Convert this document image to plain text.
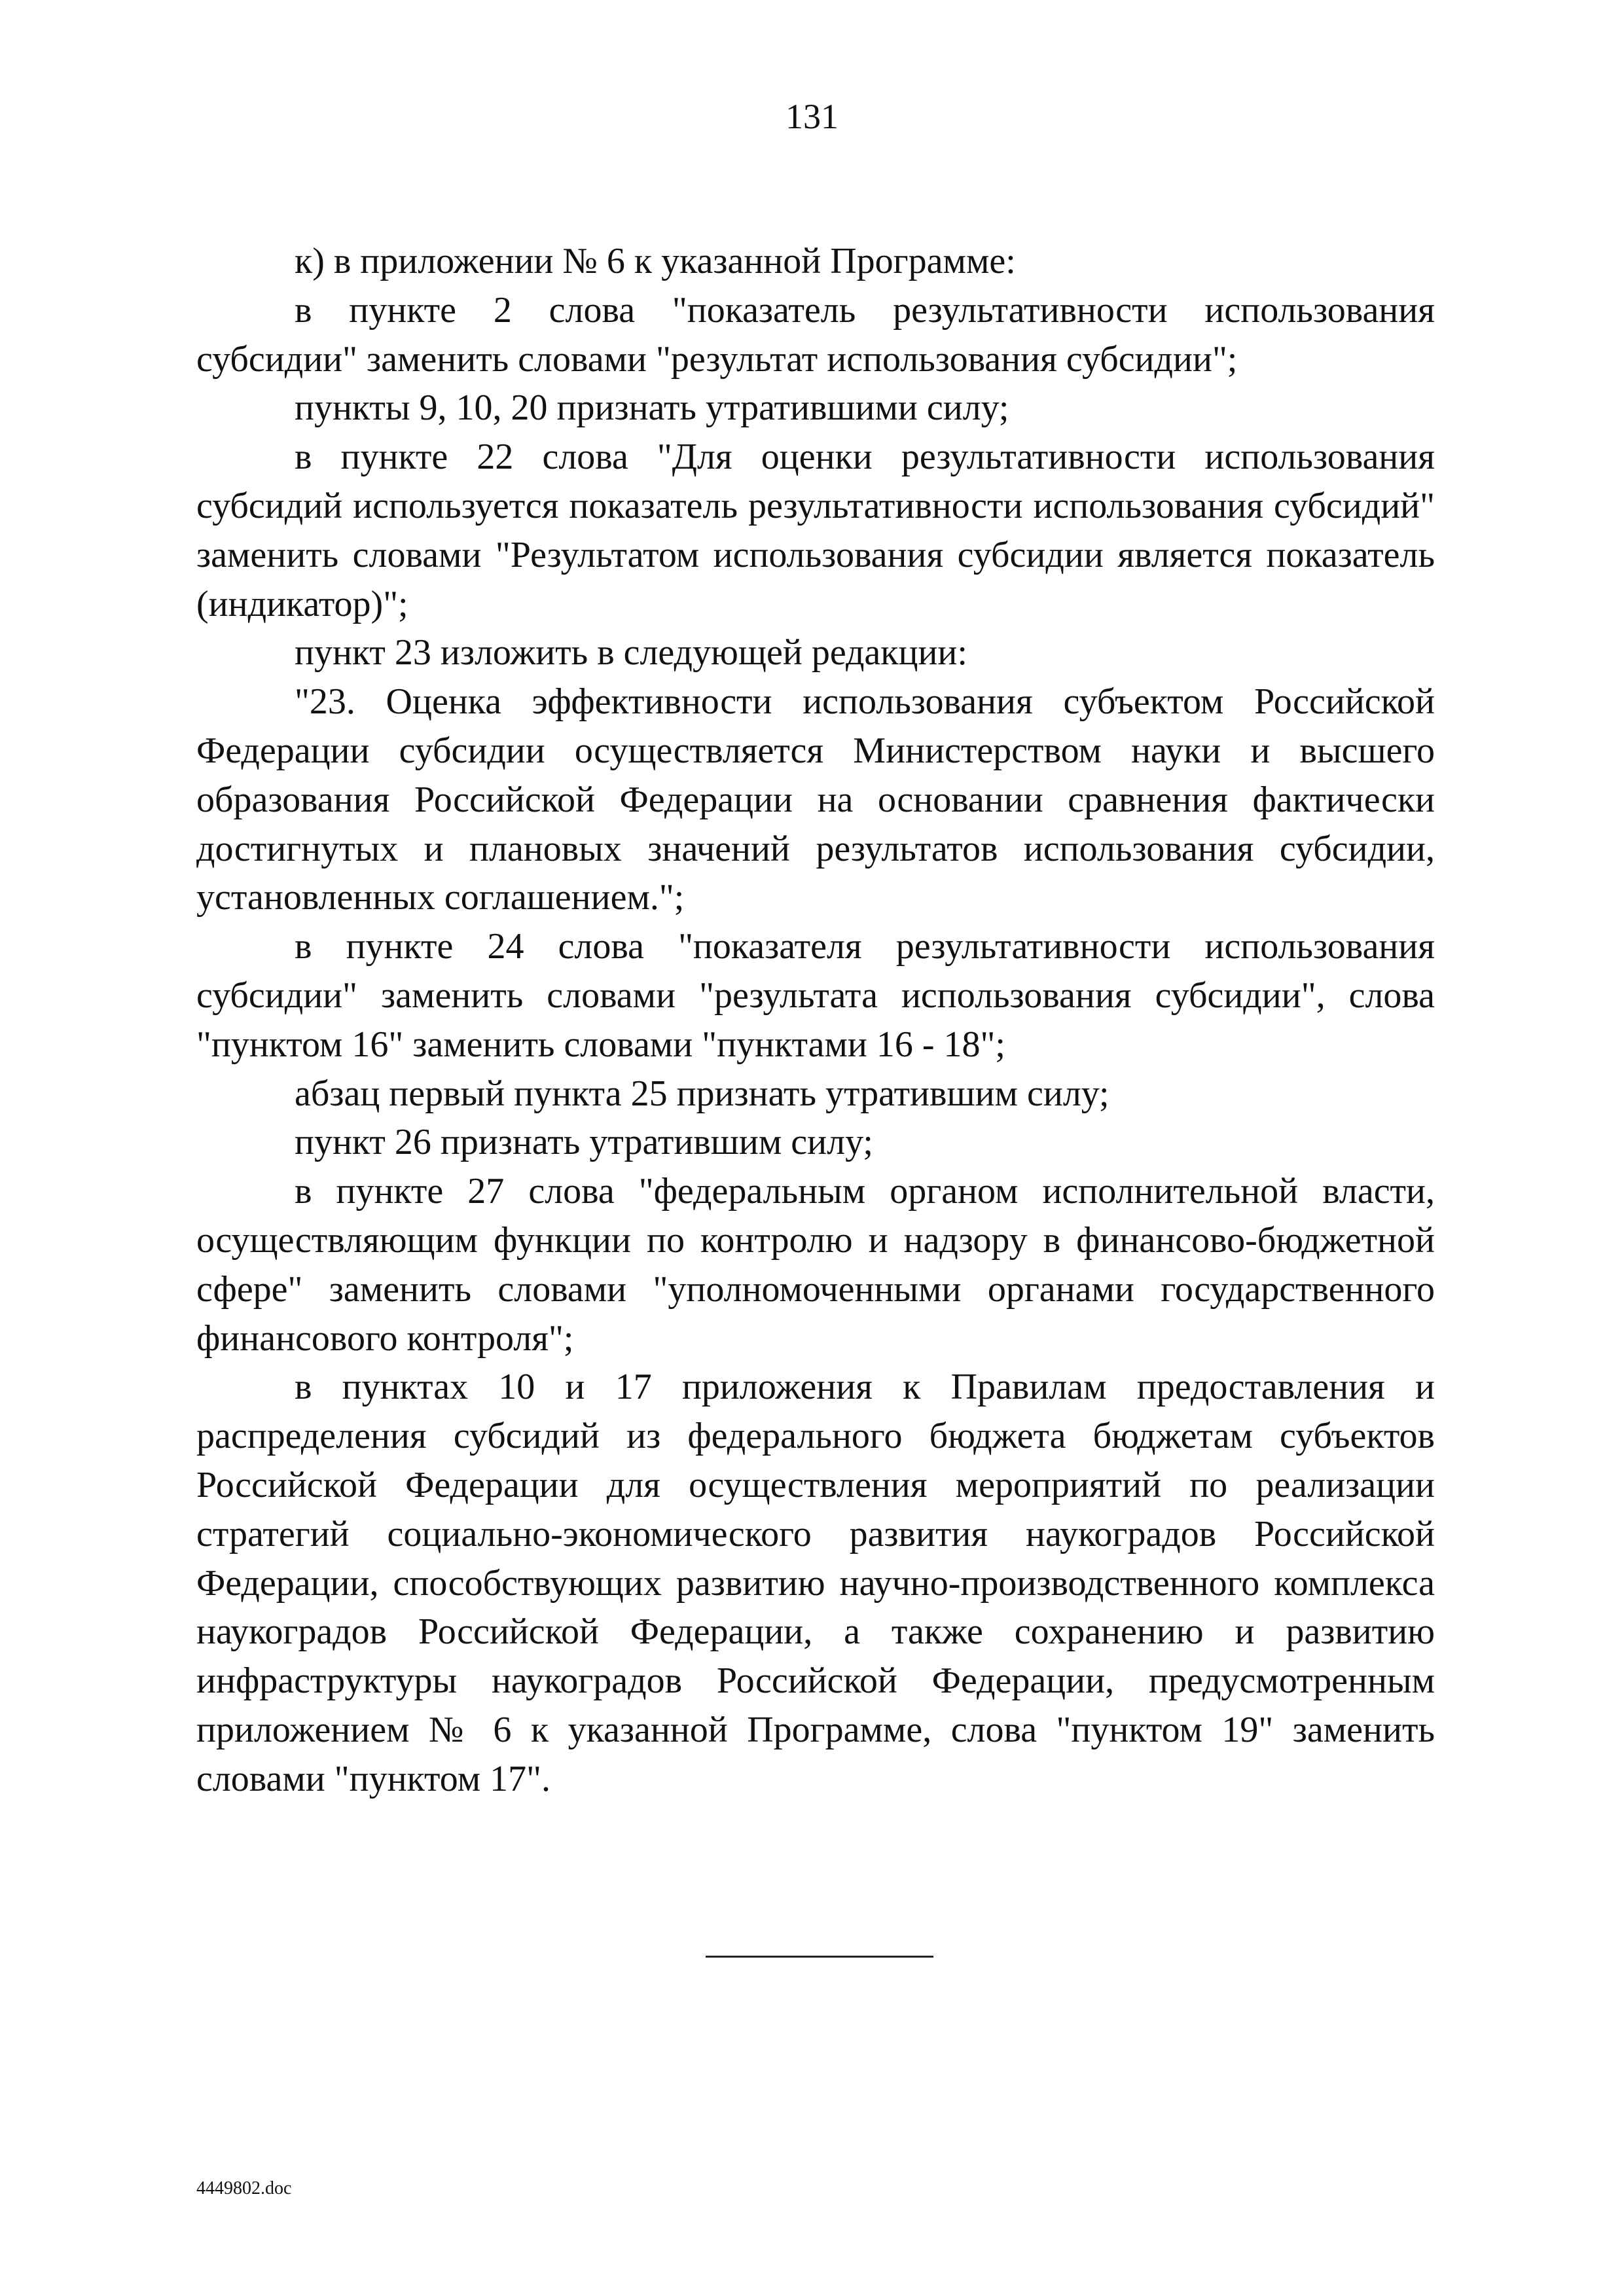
131

к) в приложении № 6 к указанной Программе:

в пункте 2 слова "показатель результативности использования субсидии" заменить словами "результат использования субсидии";

пункты 9, 10, 20 признать утратившими силу;

в пункте 22 слова "Для оценки результативности использования субсидий используется показатель результативности использования субсидий" заменить словами "Результатом использования субсидии является показатель (индикатор)";

пункт 23 изложить в следующей редакции:

"23. Оценка эффективности использования субъектом Российской Федерации субсидии осуществляется Министерством науки и высшего образования Российской Федерации на основании сравнения фактически достигнутых и плановых значений результатов использования субсидии, установленных соглашением.";

в пункте 24 слова "показателя результативности использования субсидии" заменить словами "результата использования субсидии", слова "пунктом 16" заменить словами "пунктами 16 - 18";

абзац первый пункта 25 признать утратившим силу;

пункт 26 признать утратившим силу;

в пункте 27 слова "федеральным органом исполнительной власти, осуществляющим функции по контролю и надзору в финансово-бюджетной сфере" заменить словами "уполномоченными органами государственного финансового контроля";

в пунктах 10 и 17 приложения к Правилам предоставления и распределения субсидий из федерального бюджета бюджетам субъектов Российской Федерации для осуществления мероприятий по реализации стратегий социально-экономического развития наукоградов Российской Федерации, способствующих развитию научно-производственного комплекса наукоградов Российской Федерации, а также сохранению и развитию инфраструктуры наукоградов Российской Федерации, предусмотренным приложением № 6 к указанной Программе, слова "пунктом 19" заменить словами "пунктом 17".

4449802.doc
